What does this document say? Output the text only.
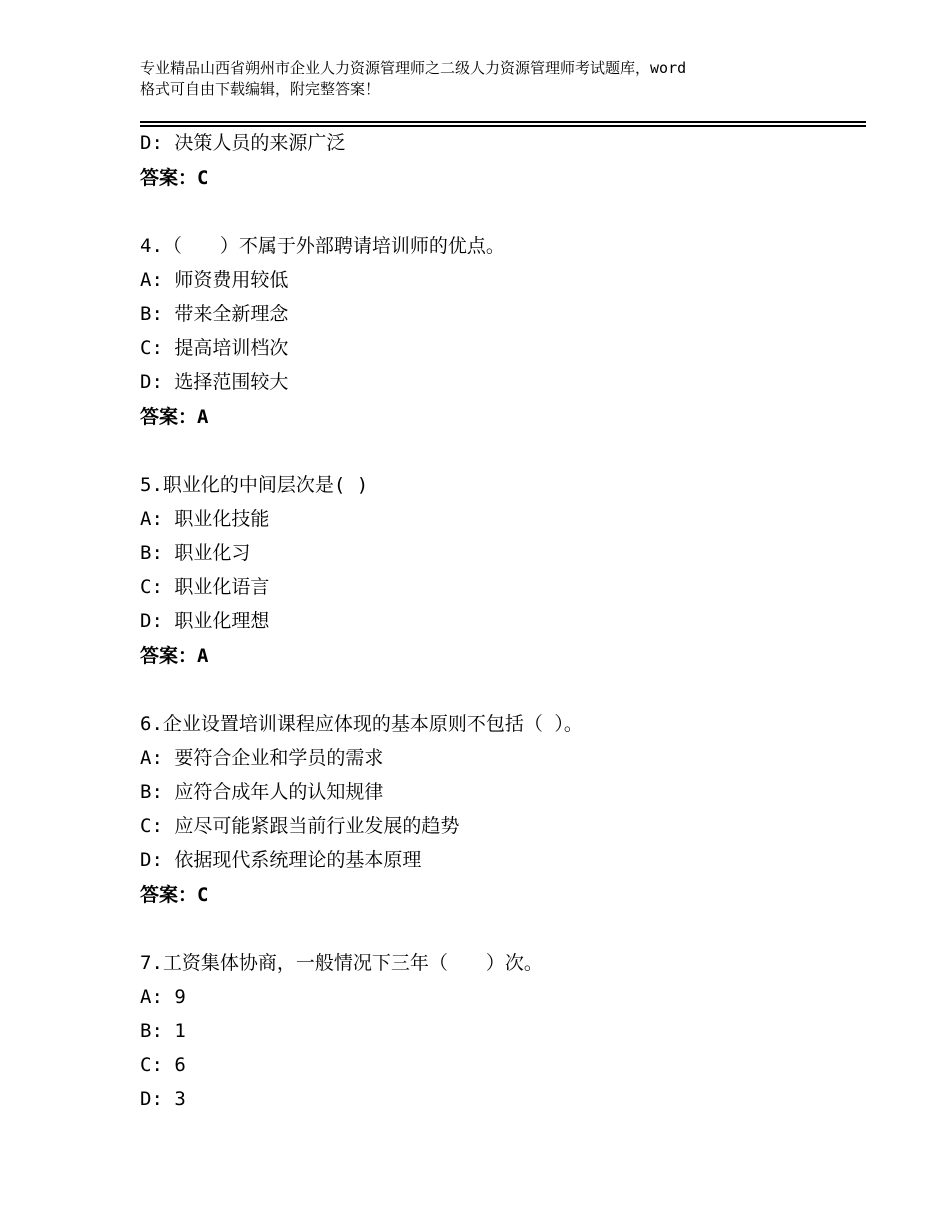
专业精品山西省朔州市企业人力资源管理师之二级人力资源管理师考试题库，word
格式可自由下载编辑，附完整答案！
D: 决策人员的来源广泛
答案：C
4.（　　）不属于外部聘请培训师的优点。
A: 师资费用较低
B: 带来全新理念
C: 提高培训档次
D: 选择范围较大
答案：A
5.职业化的中间层次是( )
A: 职业化技能
B: 职业化习
C: 职业化语言
D: 职业化理想
答案：A
6.企业设置培训课程应体现的基本原则不包括（ ）。
A: 要符合企业和学员的需求
B: 应符合成年人的认知规律
C: 应尽可能紧跟当前行业发展的趋势
D: 依据现代系统理论的基本原理
答案：C
7.工资集体协商，一般情况下三年（　　）次。
A: 9
B: 1
C: 6
D: 3
